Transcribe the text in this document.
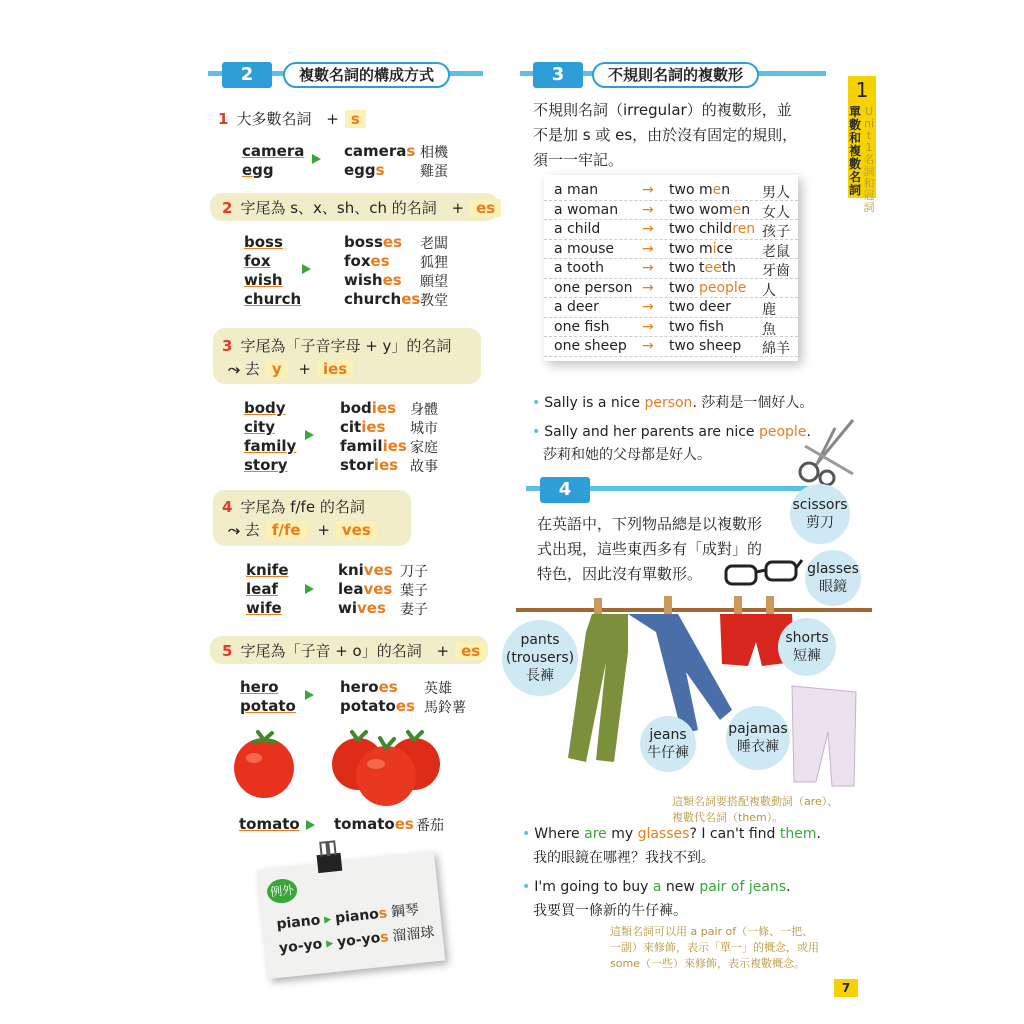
2	複數名詞的構成方式
1 大多數名詞 + s
camera	cameras 相機
egg	eggs	雞蛋
2 字尾為 s、x、sh、ch 的名詞 + es
boss	bosses 老闆
fox	foxes 狐狸
wish	wishes 願望
church	churches 教堂
3 字尾為「子音字母 + y」的名詞
⤳ 去 y + ies
body	bodies 身體
city	cities 城市
family	families 家庭
story	stories 故事
4 字尾為 f/fe 的名詞
⤳ 去 f/fe + ves
knife	knives 刀子
leaf	leaves 葉子
wife	wives 妻子
5 字尾為「子音 + o」的名詞 + es
hero	heroes 英雄
potato	potatoes 馬鈴薯
tomato tomatoes 番茄
例外
piano ▸ pianos 鋼琴
yo-yo ▸ yo-yos 溜溜球
3	不規則名詞的複數形
不規則名詞（irregular）的複數形，並
不是加 s 或 es，由於沒有固定的規則，
須一一牢記。
a man	→ two men 男人
a woman → two women 女人
a child	→ two children 孩子
a mouse → two mice 老鼠
a tooth	→ two teeth 牙齒
one person → two people 人
a deer	→ two deer 鹿
one fish → two fish	魚
one sheep → two sheep 綿羊
• Sally is a nice person. 莎莉是一個好人。
• Sally and her parents are nice people.
莎莉和她的父母都是好人。
4
在英語中，下列物品總是以複數形
式出現，這些東西多有「成對」的
特色，因此沒有單數形。
scissors
剪刀
glasses
眼鏡
pants
(trousers)
長褲
shorts
短褲
jeans
牛仔褲
pajamas
睡衣褲
這類名詞要搭配複數動詞（are）、
複數代名詞（them）。
• Where are my glasses? I can't find them.
我的眼鏡在哪裡？我找不到。
• I'm going to buy a new pair of jeans.
我要買一條新的牛仔褲。
這類名詞可以用 a pair of（一條、一把、
一副）來修飾，表示「單一」的概念，或用
some（一些）來修飾，表示複數概念。
1
單數和複數名詞
Unit 1 名詞和冠詞
7
